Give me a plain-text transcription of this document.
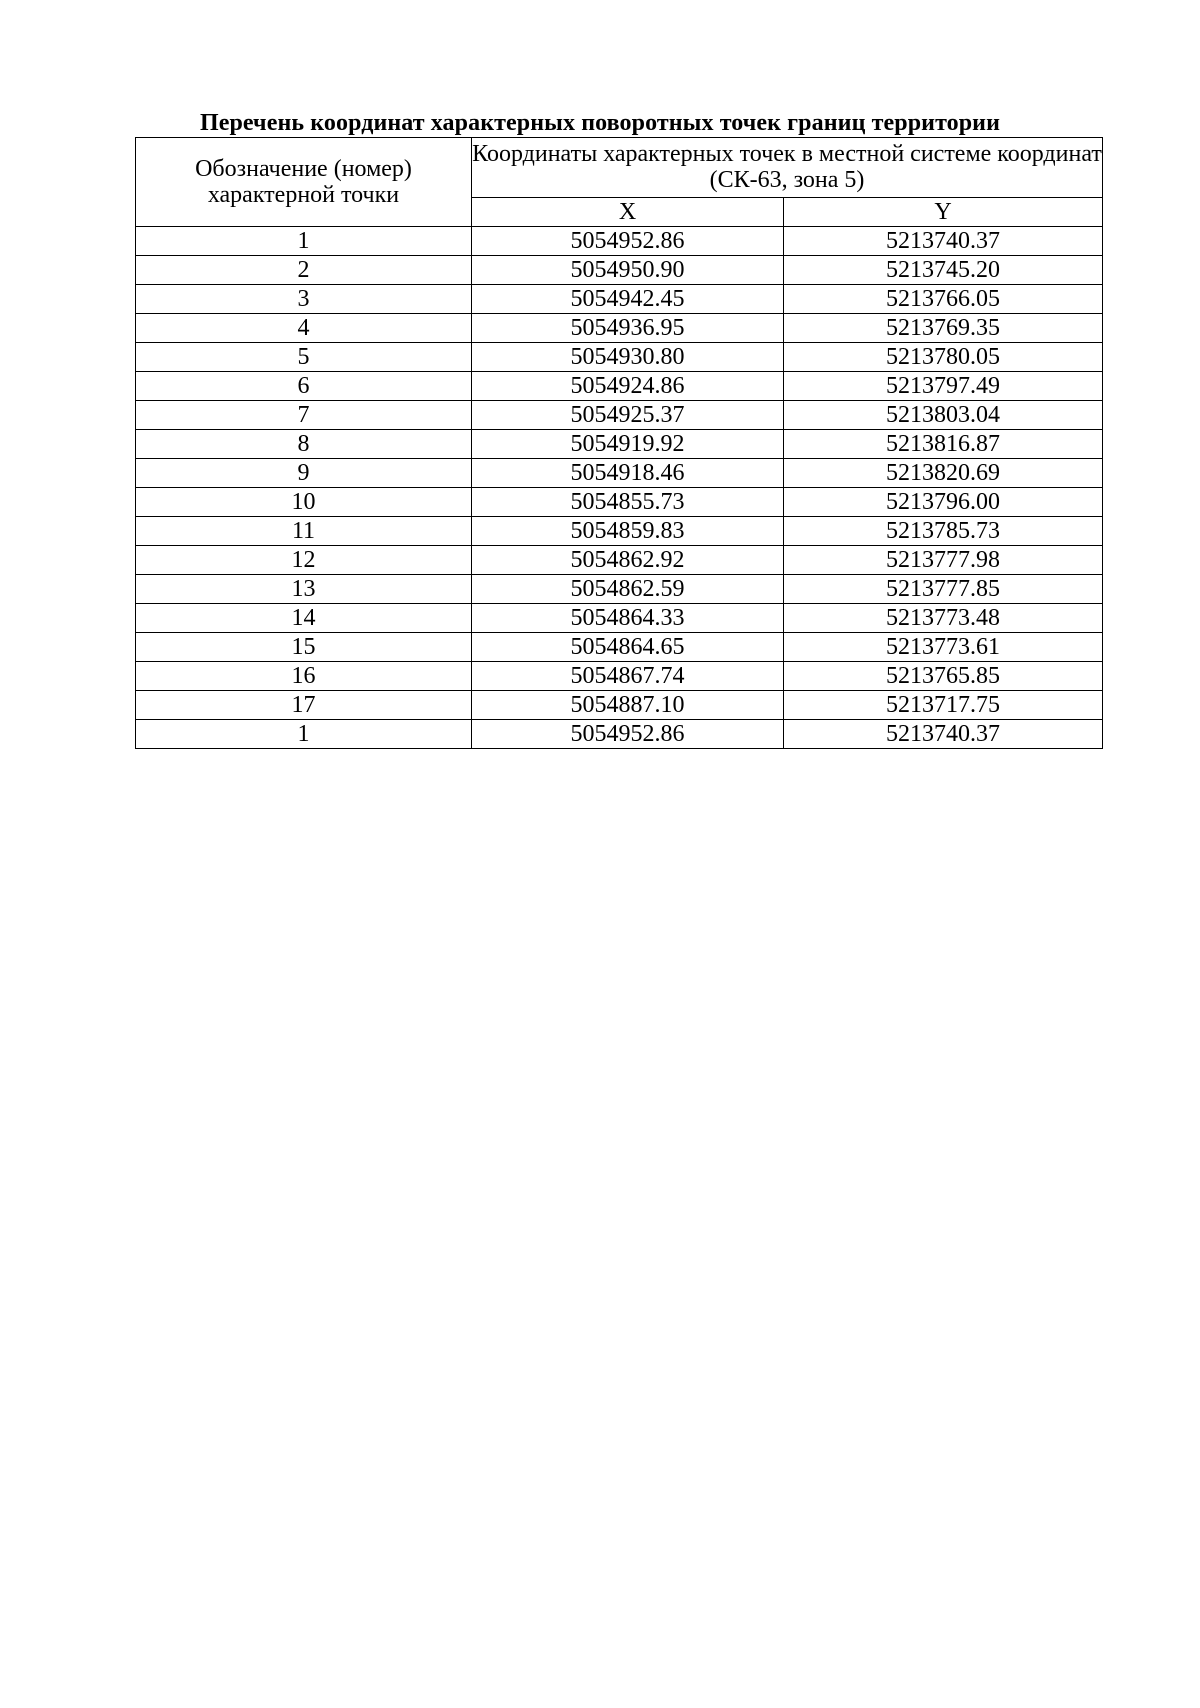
Перечень координат характерных поворотных точек границ территории
Обозначение (номер) характерной точки	Координаты характерных точек в местной системе координат (СК-63, зона 5)	
	X	Y
1	5054952.86	5213740.37
2	5054950.90	5213745.20
3	5054942.45	5213766.05
4	5054936.95	5213769.35
5	5054930.80	5213780.05
6	5054924.86	5213797.49
7	5054925.37	5213803.04
8	5054919.92	5213816.87
9	5054918.46	5213820.69
10	5054855.73	5213796.00
11	5054859.83	5213785.73
12	5054862.92	5213777.98
13	5054862.59	5213777.85
14	5054864.33	5213773.48
15	5054864.65	5213773.61
16	5054867.74	5213765.85
17	5054887.10	5213717.75
1	5054952.86	5213740.37
